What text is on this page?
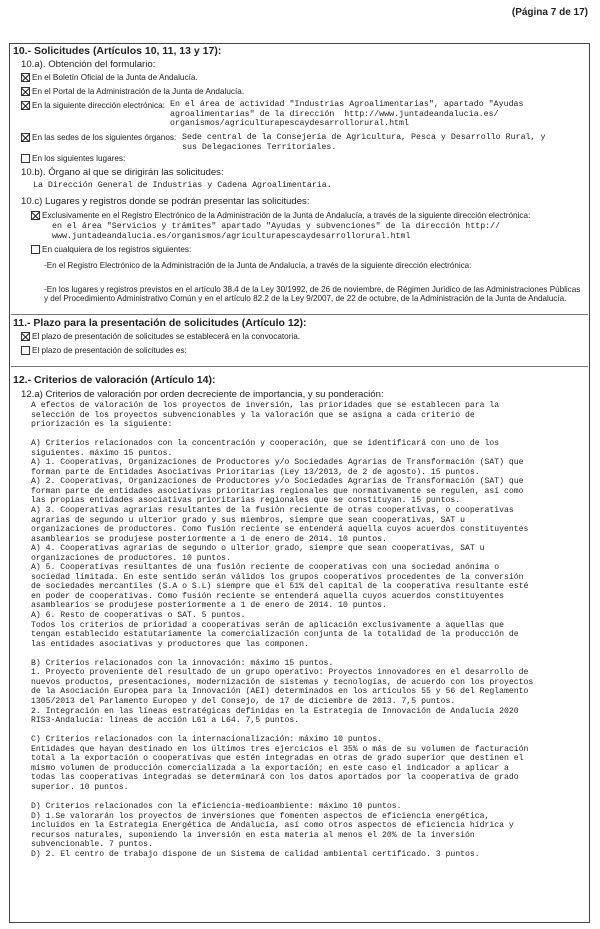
(Página 7 de 17)
10.- Solicitudes (Artículos 10, 11, 13 y 17):
10.a). Obtención del formulario:
En el Boletín Oficial de la Junta de Andalucía.
En el Portal de la Administración de la Junta de Andalucía.
En la siguiente dirección electrónica: En el área de actividad "Industrias Agroalimentarias", apartado "Ayudas
agroalimentarias" de la dirección  http://www.juntadeandalucia.es/
organismos/agriculturapescaydesarrollorural.html
En las sedes de los siguientes órganos: Sede central de la Consejería de Agricultura, Pesca y Desarrollo Rural, y
sus Delegaciones Territoriales.
En los siguientes lugares:
10.b). Órgano al que se dirigirán las solicitudes:
La Dirección General de Industrias y Cadena Agroalimentaria.
10.c) Lugares y registros donde se podrán presentar las solicitudes:
Exclusivamente en el Registro Electrónico de la Administración de la Junta de Andalucía, a través de la siguiente dirección electrónica:
en el área "Servicios y trámites" apartado "Ayudas y subvenciones" de la dirección http://
www.juntadeandalucia.es/organismos/agriculturapescaydesarrollorural.html
En cualquiera de los registros siguientes:
-En el Registro Electrónico de la Administración de la Junta de Andalucía, a través de la siguiente dirección electrónica:
-En los lugares y registros previstos en el artículo 38.4 de la Ley 30/1992, de 26 de noviembre, de Régimen Jurídico de las Administraciones Públicas y del Procedimiento Administrativo Común y en el artículo 82.2 de la Ley 9/2007, de 22 de octubre, de la Administración de la Junta de Andalucía.
11.- Plazo para la presentación de solicitudes (Artículo 12):
El plazo de presentación de solicitudes se establecerá en la convocatoria.
El plazo de presentación de solicitudes es:
12.- Criterios de valoración (Artículo 14):
12.a) Criterios de valoración por orden decreciente de importancia, y su ponderación:
A efectos de valoración de los proyectos de inversión, las prioridades que se establecen para la
selección de los proyectos subvencionables y la valoración que se asigna a cada criterio de
priorización es la siguiente:

A) Criterios relacionados con la concentración y cooperación, que se identificará con uno de los
siguientes. máximo 15 puntos.
A) 1. Cooperativas, Organizaciones de Productores y/o Sociedades Agrarias de Transformación (SAT) que
forman parte de Entidades Asociativas Prioritarias (Ley 13/2013, de 2 de agosto). 15 puntos.
A) 2. Cooperativas, Organizaciones de Productores y/o Sociedades Agrarias de Transformación (SAT) que
forman parte de entidades asociativas prioritarias regionales que normativamente se regulen, así como
las propias entidades asociativas prioritarias regionales que se constituyan. 15 puntos.
A) 3. Cooperativas agrarias resultantes de la fusión reciente de otras cooperativas, o cooperativas
agrarias de segundo u ulterior grado y sus miembros, siempre que sean cooperativas, SAT u
organizaciones de productores. Como fusión reciente se entenderá aquella cuyos acuerdos constituyentes
asamblearios se produjese posteriormente a 1 de enero de 2014. 10 puntos.
A) 4. Cooperativas agrarias de segundo o ulterior grado, siempre que sean cooperativas, SAT u
organizaciones de productores. 10 puntos.
A) 5. Cooperativas resultantes de una fusión reciente de cooperativas con una sociedad anónima o
sociedad limitada. En este sentido serán válidos los grupos cooperativos procedentes de la conversión
de sociedades mercantiles (S.A o S.L) siempre que el 51% del capital de la cooperativa resultante esté
en poder de cooperativas. Como fusión reciente se entenderá aquella cuyos acuerdos constituyentes
asamblearios se produjese posteriormente a 1 de enero de 2014. 10 puntos.
A) 6. Resto de cooperativas o SAT. 5 puntos.
Todos los criterios de prioridad a cooperativas serán de aplicación exclusivamente a aquellas que
tengan establecido estatutariamente la comercialización conjunta de la totalidad de la producción de
las entidades asociativas y productores que las componen.

B) Criterios relacionados con la innovación: máximo 15 puntos.
1. Proyecto proveniente del resultado de un grupo operativo: Proyectos innovadores en el desarrollo de
nuevos productos, presentaciones, modernización de sistemas y tecnologías, de acuerdo con los proyectos
de la Asociación Europea para la Innovación (AEI) determinados en los artículos 55 y 56 del Reglamento
1305/2013 del Parlamento Europeo y del Consejo, de 17 de diciembre de 2013. 7,5 puntos.
2. Integración en las líneas estratégicas definidas en la Estrategia de Innovación de Andalucía 2020
RIS3-Andalucía: líneas de acción L61 a L64. 7,5 puntos.

C) Criterios relacionados con la internacionalización: máximo 10 puntos.
Entidades que hayan destinado en los últimos tres ejercicios el 35% o más de su volumen de facturación
total a la exportación o cooperativas que estén integradas en otras de grado superior que destinen el
mismo volumen de producción comercializada a la exportación; en este caso el indicador a aplicar a
todas las cooperativas integradas se determinará con los datos aportados por la cooperativa de grado
superior. 10 puntos.

D) Criterios relacionados con la eficiencia-medioambiente: máximo 10 puntos.
D) 1.Se valorarán los proyectos de inversiones que fomenten aspectos de eficiencia energética,
incluidos en la Estrategia Energética de Andalucía, así como otros aspectos de eficiencia hídrica y
recursos naturales, suponiendo la inversión en esta materia al menos el 20% de la inversión
subvencionable. 7 puntos.
D) 2. El centro de trabajo dispone de un Sistema de calidad ambiental certificado. 3 puntos.
